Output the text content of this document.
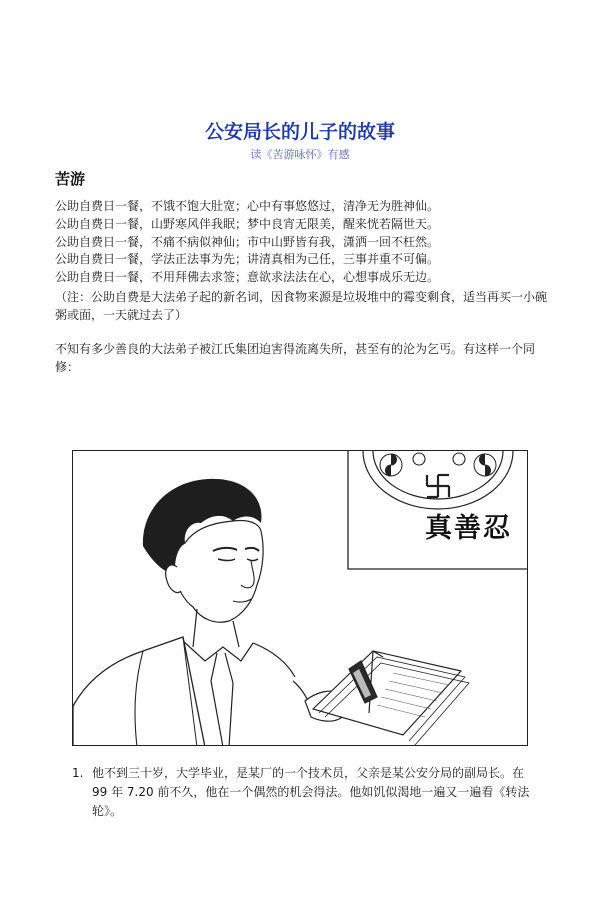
公安局长的儿子的故事
读《苦游咏怀》有感
苦游
公助自费日一餐，不饿不饱大肚宽；心中有事悠悠过，清净无为胜神仙。
公助自费日一餐，山野寒风伴我眠；梦中良宵无限美，醒来恍若隔世天。
公助自费日一餐，不痛不病似神仙；市中山野皆有我，潇洒一回不枉然。
公助自费日一餐，学法正法事为先；讲清真相为己任，三事并重不可偏。
公助自费日一餐，不用拜佛去求签；意欲求法法在心，心想事成乐无边。
（注：公助自费是大法弟子起的新名词，因食物来源是垃圾堆中的霉变剩食，适当再买一小碗粥或面，一天就过去了）
不知有多少善良的大法弟子被江氏集团迫害得流离失所，甚至有的沦为乞丐。有这样一个同修：
真善忍
1. 他不到三十岁，大学毕业，是某厂的一个技术员，父亲是某公安分局的副局长。在 99 年 7.20 前不久，他在一个偶然的机会得法。他如饥似渴地一遍又一遍看《转法轮》。
